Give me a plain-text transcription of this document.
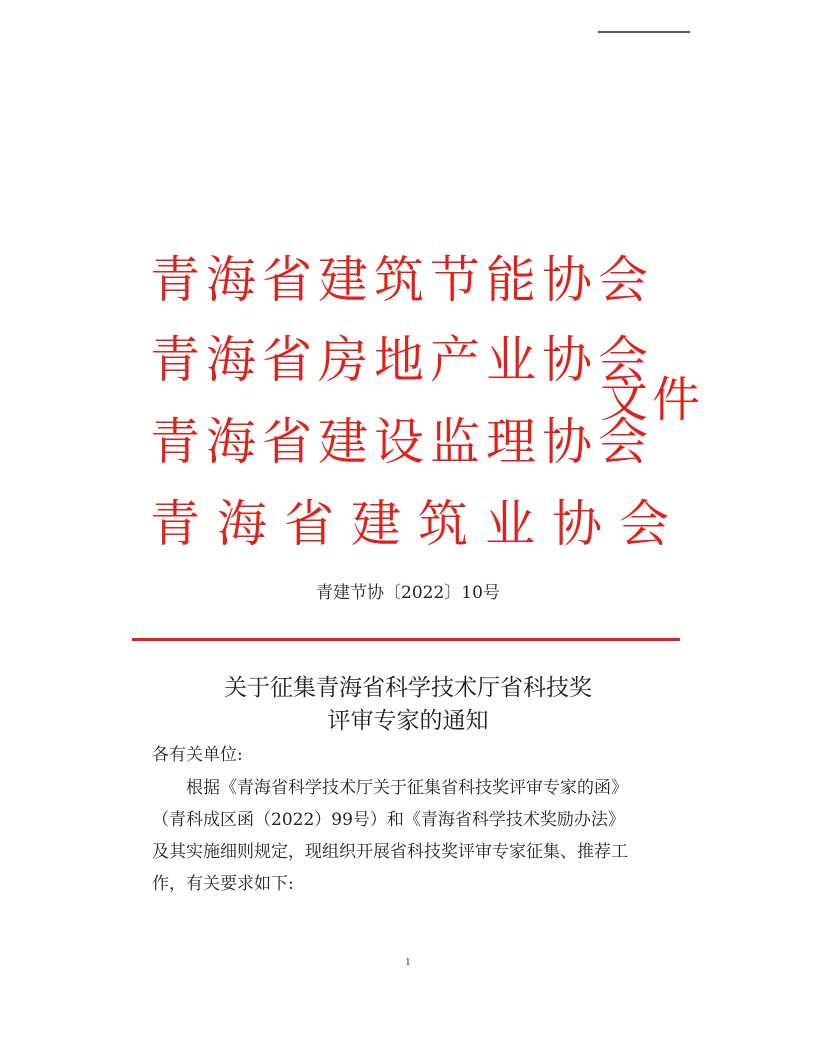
青海省建筑节能协会
青海省房地产业协会
青海省建设监理协会
青海省建筑业协会
文件
青建节协〔2022〕10号
关于征集青海省科学技术厅省科技奖
评审专家的通知
各有关单位:
根据《青海省科学技术厅关于征集省科技奖评审专家的函》
（青科成区函（2022）99号）和《青海省科学技术奖励办法》
及其实施细则规定，现组织开展省科技奖评审专家征集、推荐工
作，有关要求如下:
1
